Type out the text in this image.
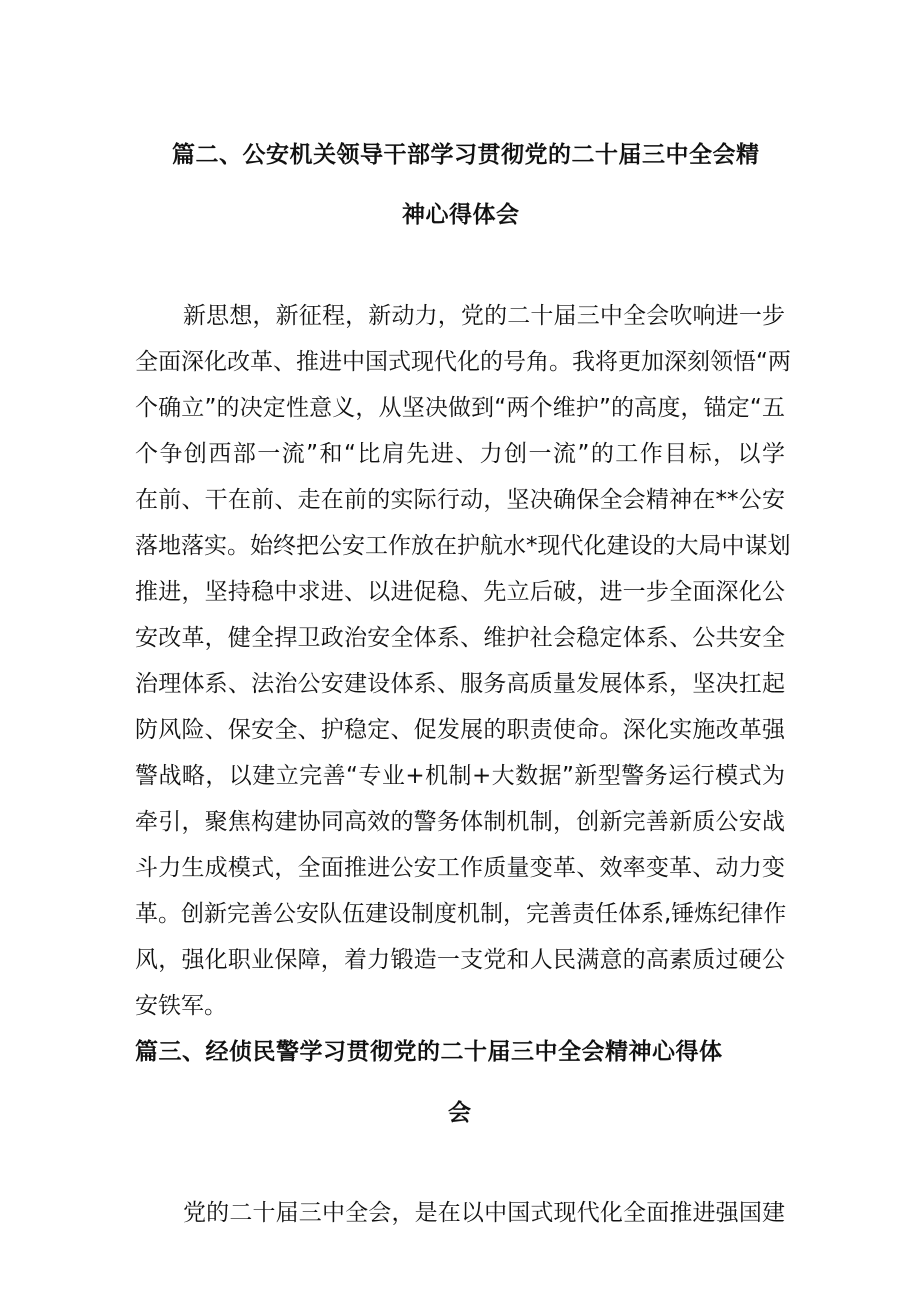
篇二、公安机关领导干部学习贯彻党的二十届三中全会精
神心得体会
新思想，新征程，新动力，党的二十届三中全会吹响进一步
全面深化改革、推进中国式现代化的号角。我将更加深刻领悟“两
个确立”的决定性意义，从坚决做到“两个维护”的高度，锚定“五
个争创西部一流”和“比肩先进、力创一流”的工作目标，以学
在前、干在前、走在前的实际行动，坚决确保全会精神在**公安
落地落实。始终把公安工作放在护航水*现代化建设的大局中谋划
推进，坚持稳中求进、以进促稳、先立后破，进一步全面深化公
安改革，健全捍卫政治安全体系、维护社会稳定体系、公共安全
治理体系、法治公安建设体系、服务高质量发展体系，坚决扛起
防风险、保安全、护稳定、促发展的职责使命。深化实施改革强
警战略，以建立完善“专业+机制+大数据”新型警务运行模式为
牵引，聚焦构建协同高效的警务体制机制，创新完善新质公安战
斗力生成模式，全面推进公安工作质量变革、效率变革、动力变
革。创新完善公安队伍建设制度机制，完善责任体系,锤炼纪律作
风，强化职业保障，着力锻造一支党和人民满意的高素质过硬公
安铁军。
篇三、经侦民警学习贯彻党的二十届三中全会精神心得体
会
党的二十届三中全会，是在以中国式现代化全面推进强国建
